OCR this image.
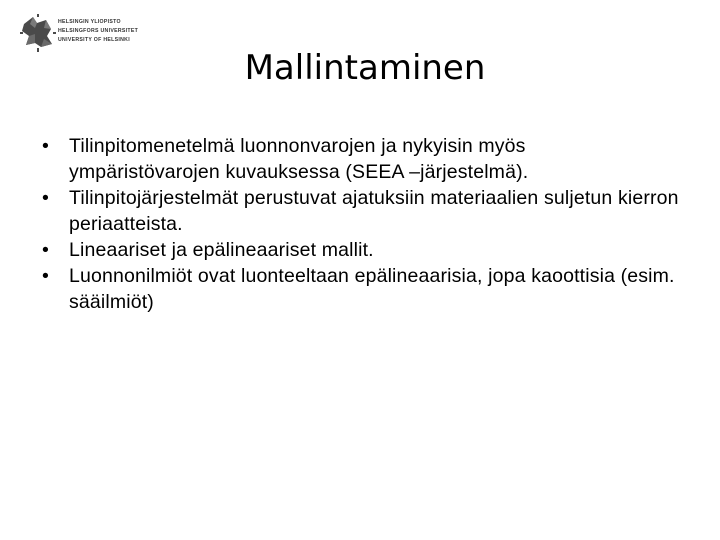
HELSINGIN YLIOPISTO
HELSINGFORS UNIVERSITET
UNIVERSITY OF HELSINKI
Mallintaminen
• Tilinpitomenetelmä luonnonvarojen ja nykyisin myös ympäristövarojen kuvauksessa (SEEA –järjestelmä).
• Tilinpitojärjestelmät perustuvat ajatuksiin materiaalien suljetun kierron periaatteista.
• Lineaariset ja epälineaariset mallit.
• Luonnonilmiöt ovat luonteeltaan epälineaarisia, jopa kaoottisia (esim. sääilmiöt)
